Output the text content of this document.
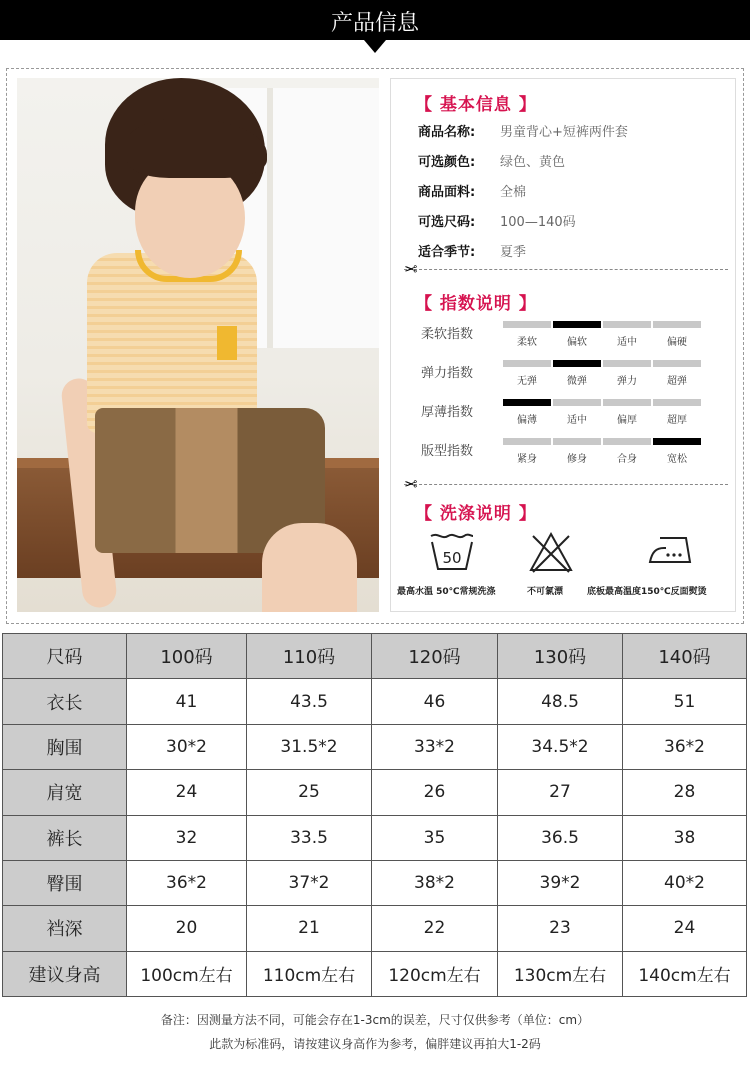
产品信息
【 基本信息 】
商品名称: 男童背心+短裤两件套
可选颜色: 绿色、黄色
商品面料: 全棉
可选尺码: 100—140码
适合季节: 夏季
✂
【 指数说明 】
柔软指数
柔软	偏软	适中	偏硬
弹力指数
无弹	微弹	弹力	超弹
厚薄指数
偏薄	适中	偏厚	超厚
版型指数
紧身	修身	合身	宽松
✂
【 洗涤说明 】
50
最高水温 50℃常规洗涤	不可氯漂	底板最高温度150℃反面熨烫
尺码	100码	110码	120码	130码	140码
衣长	41	43.5	46	48.5	51
胸围	30*2	31.5*2	33*2	34.5*2	36*2
肩宽	24	25	26	27	28
裤长	32	33.5	35	36.5	38
臀围	36*2	37*2	38*2	39*2	40*2
裆深	20	21	22	23	24
建议身高	100cm左右	110cm左右	120cm左右	130cm左右	140cm左右
备注：因测量方法不同，可能会存在1-3cm的误差，尺寸仅供参考（单位：cm）
此款为标准码，请按建议身高作为参考，偏胖建议再拍大1-2码
